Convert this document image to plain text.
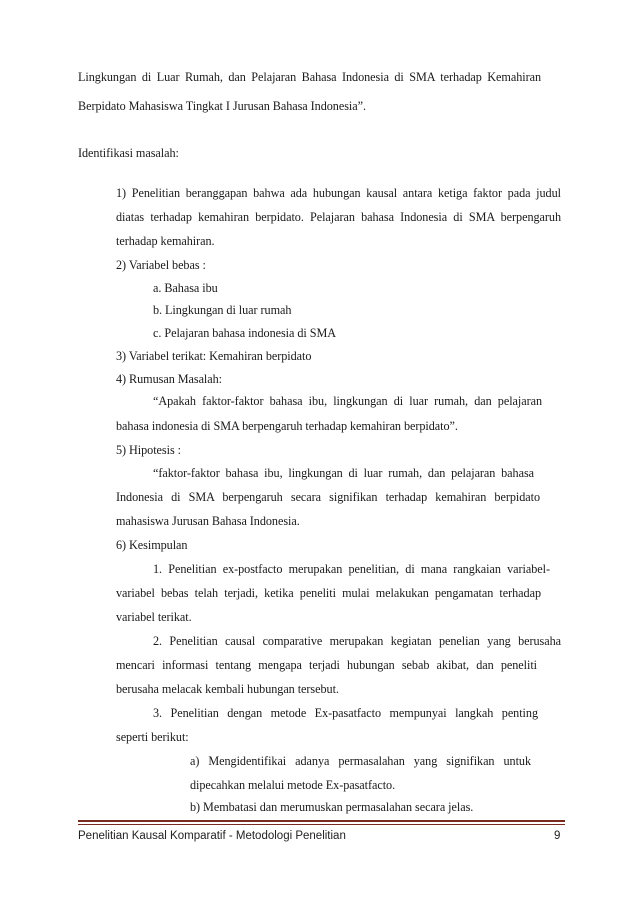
Lingkungan di Luar Rumah, dan Pelajaran Bahasa Indonesia di SMA terhadap Kemahiran
Berpidato Mahasiswa Tingkat I Jurusan Bahasa Indonesia”.
Identifikasi masalah:
1) Penelitian beranggapan bahwa ada hubungan kausal antara ketiga faktor pada judul
diatas terhadap kemahiran berpidato. Pelajaran bahasa Indonesia di SMA berpengaruh
terhadap kemahiran.
2) Variabel bebas :
a. Bahasa ibu
b. Lingkungan di luar rumah
c. Pelajaran bahasa indonesia di SMA
3) Variabel terikat: Kemahiran berpidato
4) Rumusan Masalah:
“Apakah faktor-faktor bahasa ibu, lingkungan di luar rumah, dan pelajaran
bahasa indonesia di SMA berpengaruh terhadap kemahiran berpidato”.
5) Hipotesis :
“faktor-faktor bahasa ibu, lingkungan di luar rumah, dan pelajaran bahasa
Indonesia di SMA berpengaruh secara signifikan terhadap kemahiran berpidato
mahasiswa Jurusan Bahasa Indonesia.
6) Kesimpulan
1. Penelitian ex-postfacto merupakan penelitian, di mana rangkaian variabel-
variabel bebas telah terjadi, ketika peneliti mulai melakukan pengamatan terhadap
variabel terikat.
2. Penelitian causal comparative merupakan kegiatan penelian yang berusaha
mencari informasi tentang mengapa terjadi hubungan sebab akibat, dan peneliti
berusaha melacak kembali hubungan tersebut.
3. Penelitian dengan metode Ex-pasatfacto mempunyai langkah penting
seperti berikut:
a) Mengidentifikai adanya permasalahan yang signifikan untuk
dipecahkan melalui metode Ex-pasatfacto.
b) Membatasi dan merumuskan permasalahan secara jelas.
Penelitian Kausal Komparatif - Metodologi Penelitian	9
